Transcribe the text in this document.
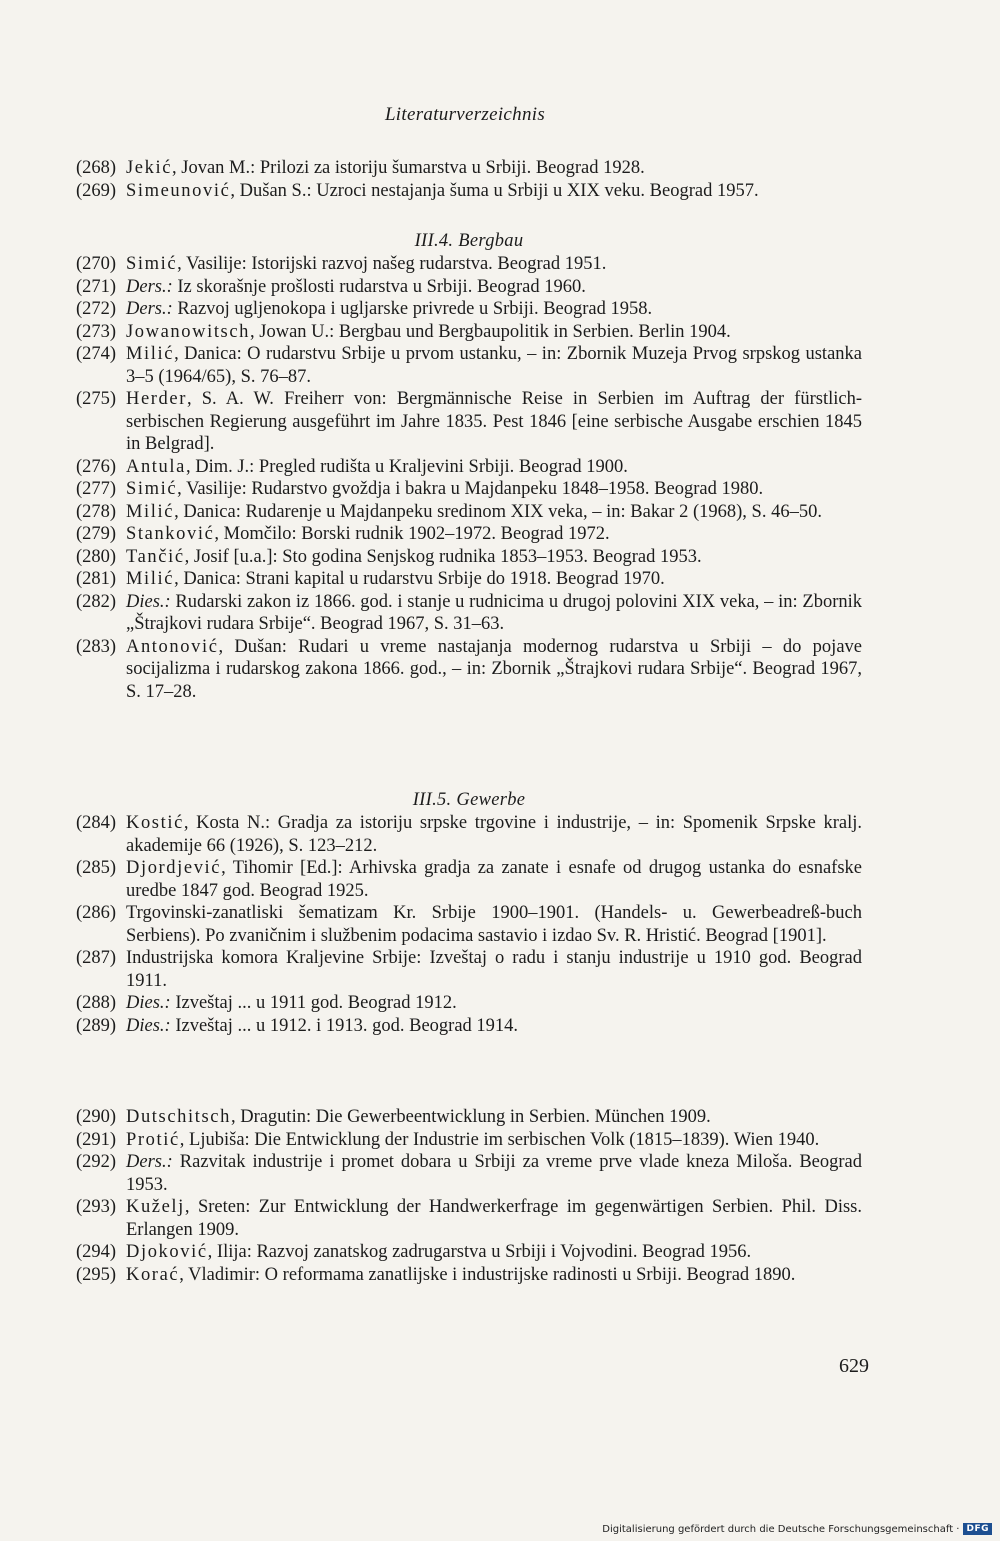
Literaturverzeichnis

(268) Jekić, Jovan M.: Prilozi za istoriju šumarstva u Srbiji. Beograd 1928.

(269) Simeunović, Dušan S.: Uzroci nestajanja šuma u Srbiji u XIX veku. Beograd 1957.

III.4. Bergbau

(270) Simić, Vasilije: Istorijski razvoj našeg rudarstva. Beograd 1951.

(271) Ders.: Iz skorašnje prošlosti rudarstva u Srbiji. Beograd 1960.

(272) Ders.: Razvoj ugljenokopa i ugljarske privrede u Srbiji. Beograd 1958.

(273) Jowanowitsch, Jowan U.: Bergbau und Bergbaupolitik in Serbien. Berlin 1904.

(274) Milić, Danica: O rudarstvu Srbije u prvom ustanku, – in: Zbornik Muzeja Prvog srpskog ustanka 3–5 (1964/65), S. 76–87.

(275) Herder, S. A. W. Freiherr von: Bergmännische Reise in Serbien im Auftrag der fürstlich-serbischen Regierung ausgeführt im Jahre 1835. Pest 1846 [eine serbische Ausgabe erschien 1845 in Belgrad].

(276) Antula, Dim. J.: Pregled rudišta u Kraljevini Srbiji. Beograd 1900.

(277) Simić, Vasilije: Rudarstvo gvoždja i bakra u Majdanpeku 1848–1958. Beograd 1980.

(278) Milić, Danica: Rudarenje u Majdanpeku sredinom XIX veka, – in: Bakar 2 (1968), S. 46–50.

(279) Stanković, Momčilo: Borski rudnik 1902–1972. Beograd 1972.

(280) Tančić, Josif [u.a.]: Sto godina Senjskog rudnika 1853–1953. Beograd 1953.

(281) Milić, Danica: Strani kapital u rudarstvu Srbije do 1918. Beograd 1970.

(282) Dies.: Rudarski zakon iz 1866. god. i stanje u rudnicima u drugoj polovini XIX veka, – in: Zbornik „Štrajkovi rudara Srbije“. Beograd 1967, S. 31–63.

(283) Antonović, Dušan: Rudari u vreme nastajanja modernog rudarstva u Srbiji – do pojave socijalizma i rudarskog zakona 1866. god., – in: Zbornik „Štrajkovi rudara Srbije“. Beograd 1967, S. 17–28.

III.5. Gewerbe

(284) Kostić, Kosta N.: Gradja za istoriju srpske trgovine i industrije, – in: Spomenik Srpske kralj. akademije 66 (1926), S. 123–212.

(285) Djordjević, Tihomir [Ed.]: Arhivska gradja za zanate i esnafe od drugog ustanka do esnafske uredbe 1847 god. Beograd 1925.

(286) Trgovinski-zanatliski šematizam Kr. Srbije 1900–1901. (Handels- u. Gewerbeadreß-buch Serbiens). Po zvaničnim i službenim podacima sastavio i izdao Sv. R. Hristić. Beograd [1901].

(287) Industrijska komora Kraljevine Srbije: Izveštaj o radu i stanju industrije u 1910 god. Beograd 1911.

(288) Dies.: Izveštaj ... u 1911 god. Beograd 1912.

(289) Dies.: Izveštaj ... u 1912. i 1913. god. Beograd 1914.

(290) Dutschitsch, Dragutin: Die Gewerbeentwicklung in Serbien. München 1909.

(291) Protić, Ljubiša: Die Entwicklung der Industrie im serbischen Volk (1815–1839). Wien 1940.

(292) Ders.: Razvitak industrije i promet dobara u Srbiji za vreme prve vlade kneza Miloša. Beograd 1953.

(293) Kuželj, Sreten: Zur Entwicklung der Handwerkerfrage im gegenwärtigen Serbien. Phil. Diss. Erlangen 1909.

(294) Djoković, Ilija: Razvoj zanatskog zadrugarstva u Srbiji i Vojvodini. Beograd 1956.

(295) Korać, Vladimir: O reformama zanatlijske i industrijske radinosti u Srbiji. Beograd 1890.

629
Digitalisierung gefördert durch die Deutsche Forschungsgemeinschaft · DFG
